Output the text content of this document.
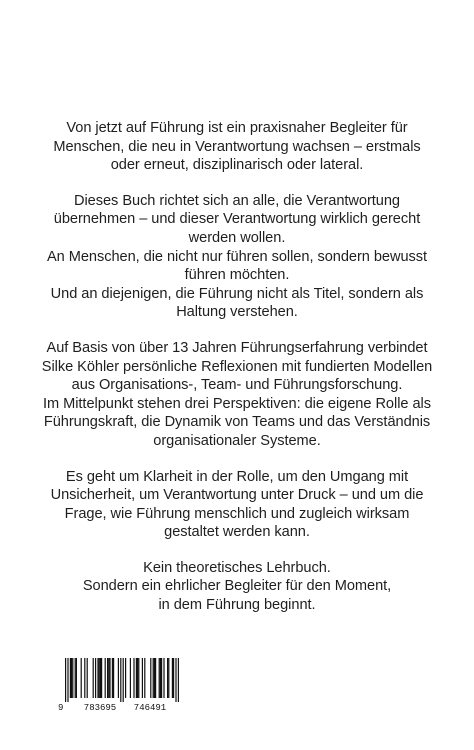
Von jetzt auf Führung ist ein praxisnaher Begleiter für
Menschen, die neu in Verantwortung wachsen – erstmals
oder erneut, disziplinarisch oder lateral.

Dieses Buch richtet sich an alle, die Verantwortung
übernehmen – und dieser Verantwortung wirklich gerecht
werden wollen.
An Menschen, die nicht nur führen sollen, sondern bewusst
führen möchten.
Und an diejenigen, die Führung nicht als Titel, sondern als
Haltung verstehen.

Auf Basis von über 13 Jahren Führungserfahrung verbindet
Silke Köhler persönliche Reflexionen mit fundierten Modellen
aus Organisations-, Team- und Führungsforschung.
Im Mittelpunkt stehen drei Perspektiven: die eigene Rolle als
Führungskraft, die Dynamik von Teams und das Verständnis
organisationaler Systeme.

Es geht um Klarheit in der Rolle, um den Umgang mit
Unsicherheit, um Verantwortung unter Druck – und um die
Frage, wie Führung menschlich und zugleich wirksam
gestaltet werden kann.

Kein theoretisches Lehrbuch.
Sondern ein ehrlicher Begleiter für den Moment,
in dem Führung beginnt.

9 783695 746491
